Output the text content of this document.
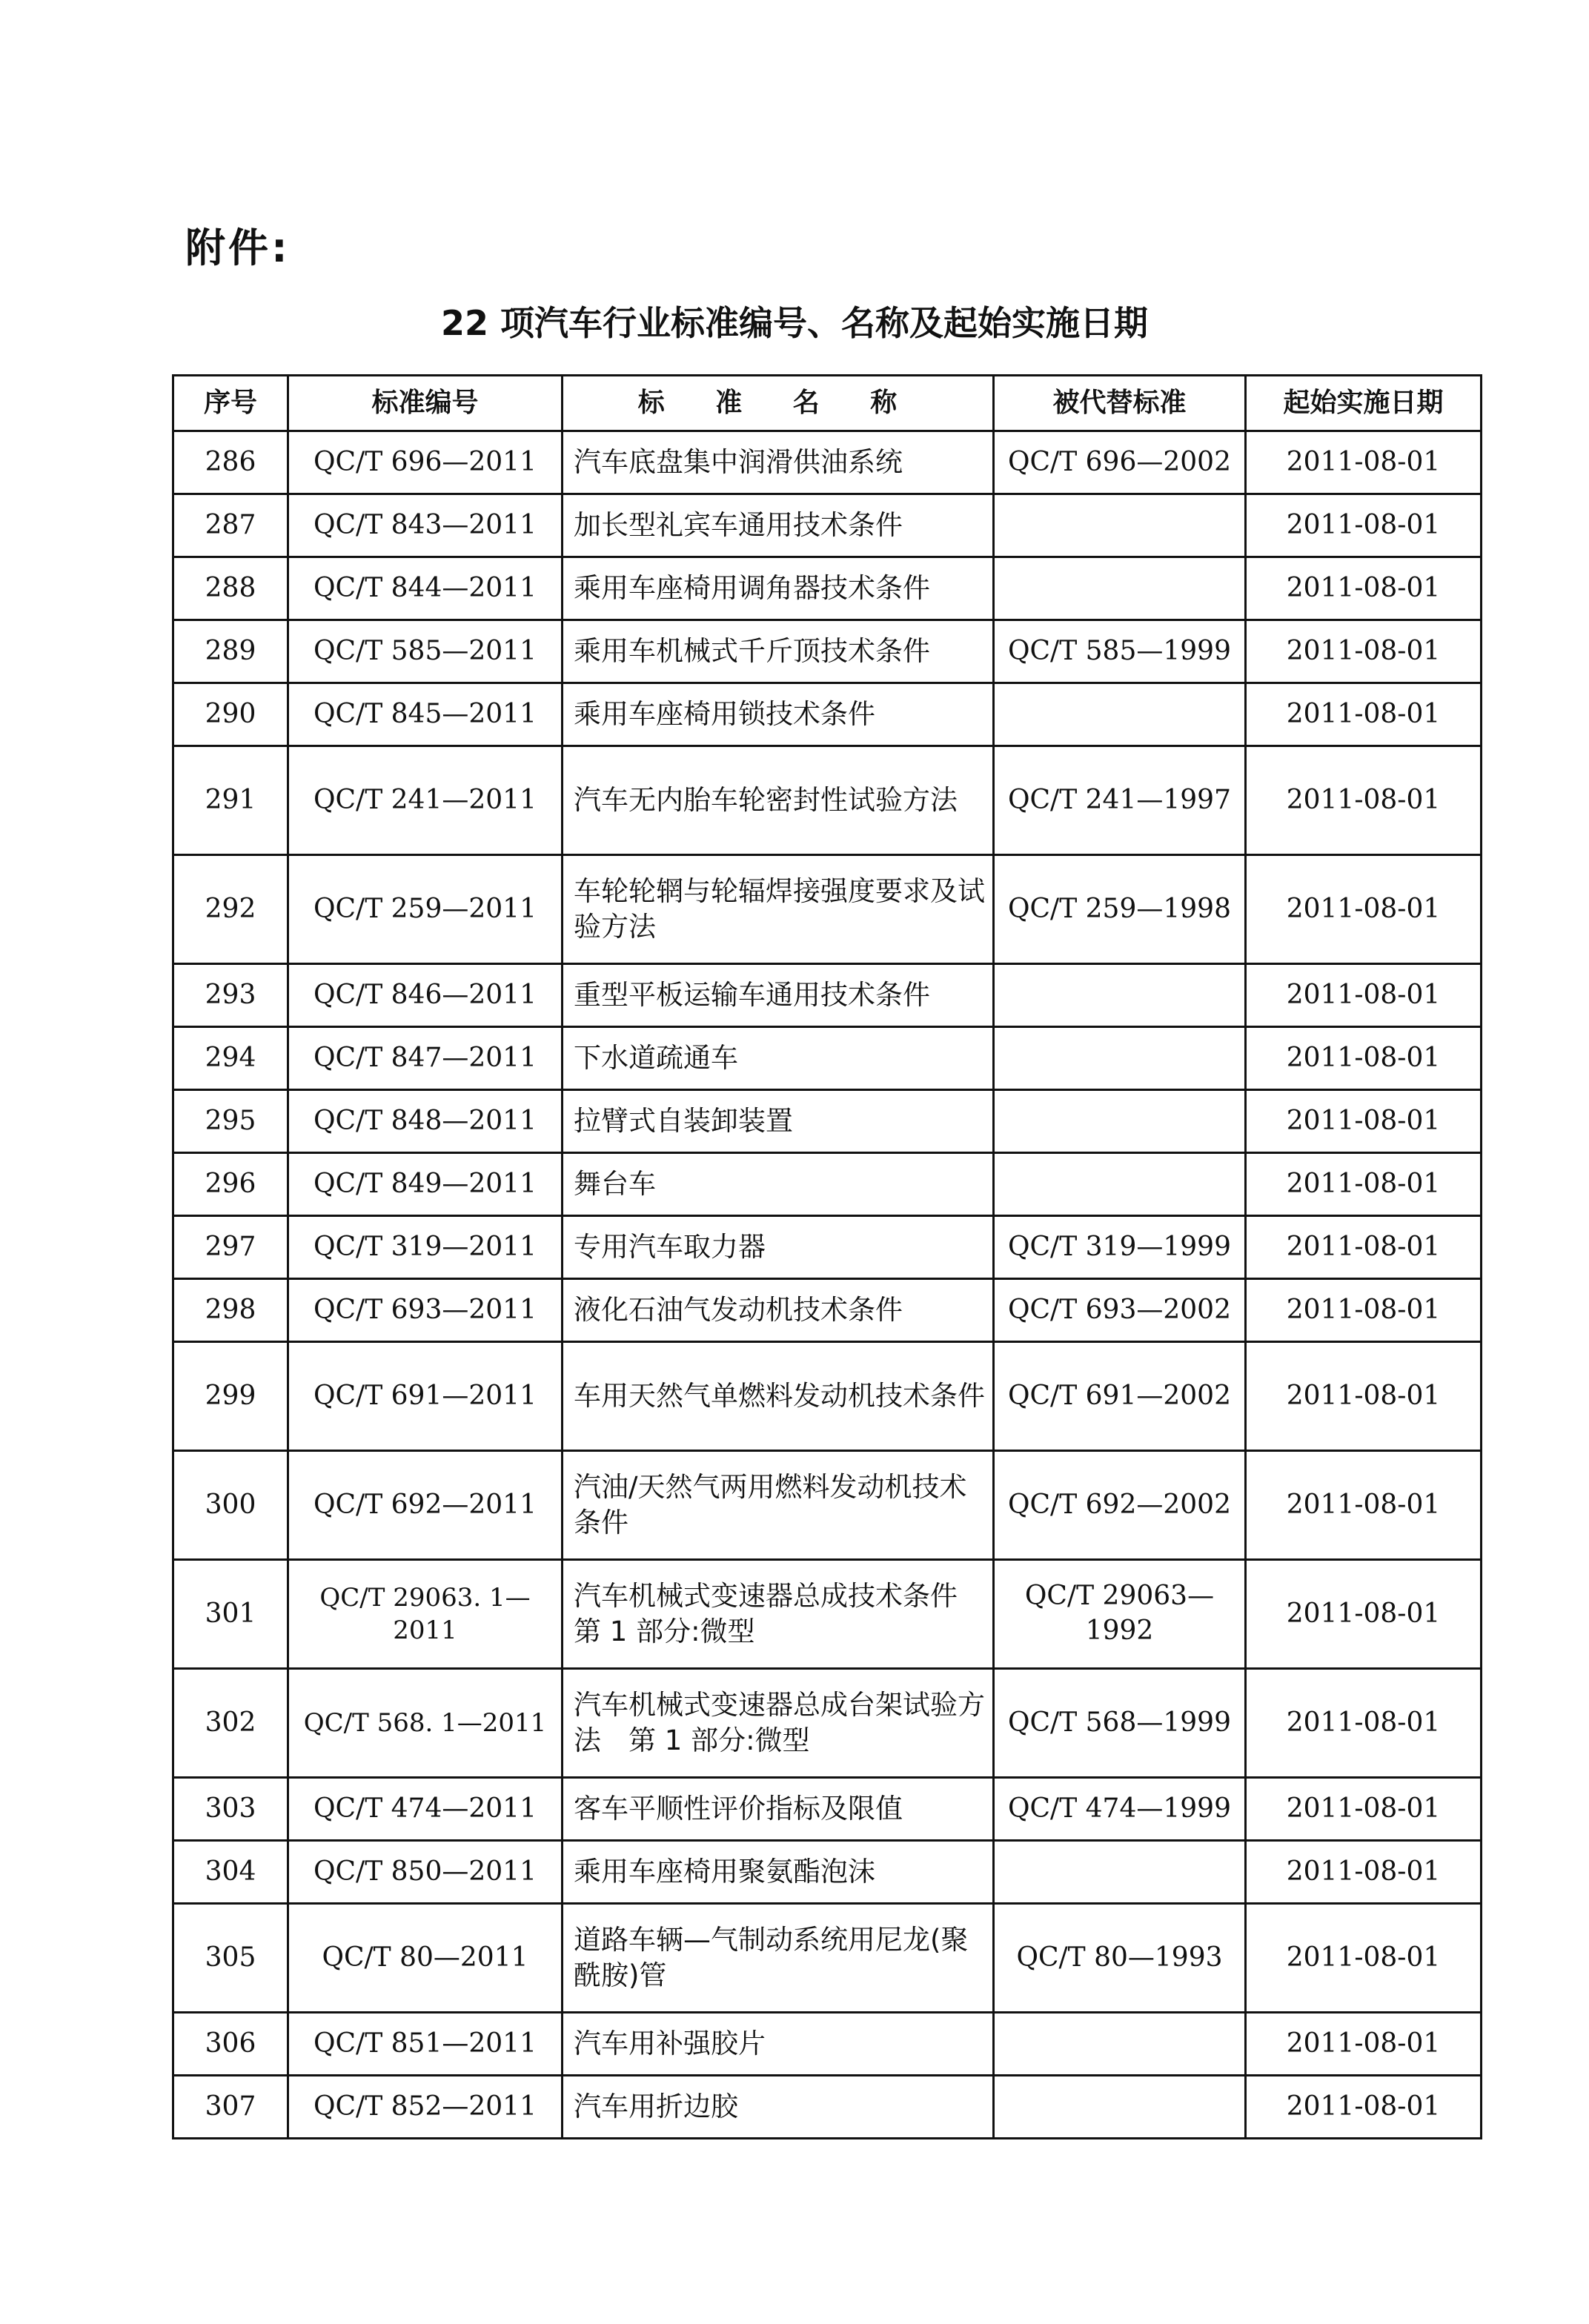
附件:
22 项汽车行业标准编号、名称及起始实施日期
序号	标准编号	标 准 名 称	被代替标准	起始实施日期
286	QC/T 696—2011	汽车底盘集中润滑供油系统	QC/T 696—2002	2011-08-01
287	QC/T 843—2011	加长型礼宾车通用技术条件		2011-08-01
288	QC/T 844—2011	乘用车座椅用调角器技术条件		2011-08-01
289	QC/T 585—2011	乘用车机械式千斤顶技术条件	QC/T 585—1999	2011-08-01
290	QC/T 845—2011	乘用车座椅用锁技术条件		2011-08-01
291	QC/T 241—2011	汽车无内胎车轮密封性试验方法	QC/T 241—1997	2011-08-01
292	QC/T 259—2011	车轮轮辋与轮辐焊接强度要求及试验方法	QC/T 259—1998	2011-08-01
293	QC/T 846—2011	重型平板运输车通用技术条件		2011-08-01
294	QC/T 847—2011	下水道疏通车		2011-08-01
295	QC/T 848—2011	拉臂式自装卸装置		2011-08-01
296	QC/T 849—2011	舞台车		2011-08-01
297	QC/T 319—2011	专用汽车取力器	QC/T 319—1999	2011-08-01
298	QC/T 693—2011	液化石油气发动机技术条件	QC/T 693—2002	2011-08-01
299	QC/T 691—2011	车用天然气单燃料发动机技术条件	QC/T 691—2002	2011-08-01
300	QC/T 692—2011	汽油/天然气两用燃料发动机技术条件	QC/T 692—2002	2011-08-01
301	QC/T 29063. 1—2011	汽车机械式变速器总成技术条件　第 1 部分:微型	QC/T 29063—1992	2011-08-01
302	QC/T 568. 1—2011	汽车机械式变速器总成台架试验方法　第 1 部分:微型	QC/T 568—1999	2011-08-01
303	QC/T 474—2011	客车平顺性评价指标及限值	QC/T 474—1999	2011-08-01
304	QC/T 850—2011	乘用车座椅用聚氨酯泡沫		2011-08-01
305	QC/T 80—2011	道路车辆—气制动系统用尼龙(聚酰胺)管	QC/T 80—1993	2011-08-01
306	QC/T 851—2011	汽车用补强胶片		2011-08-01
307	QC/T 852—2011	汽车用折边胶		2011-08-01
